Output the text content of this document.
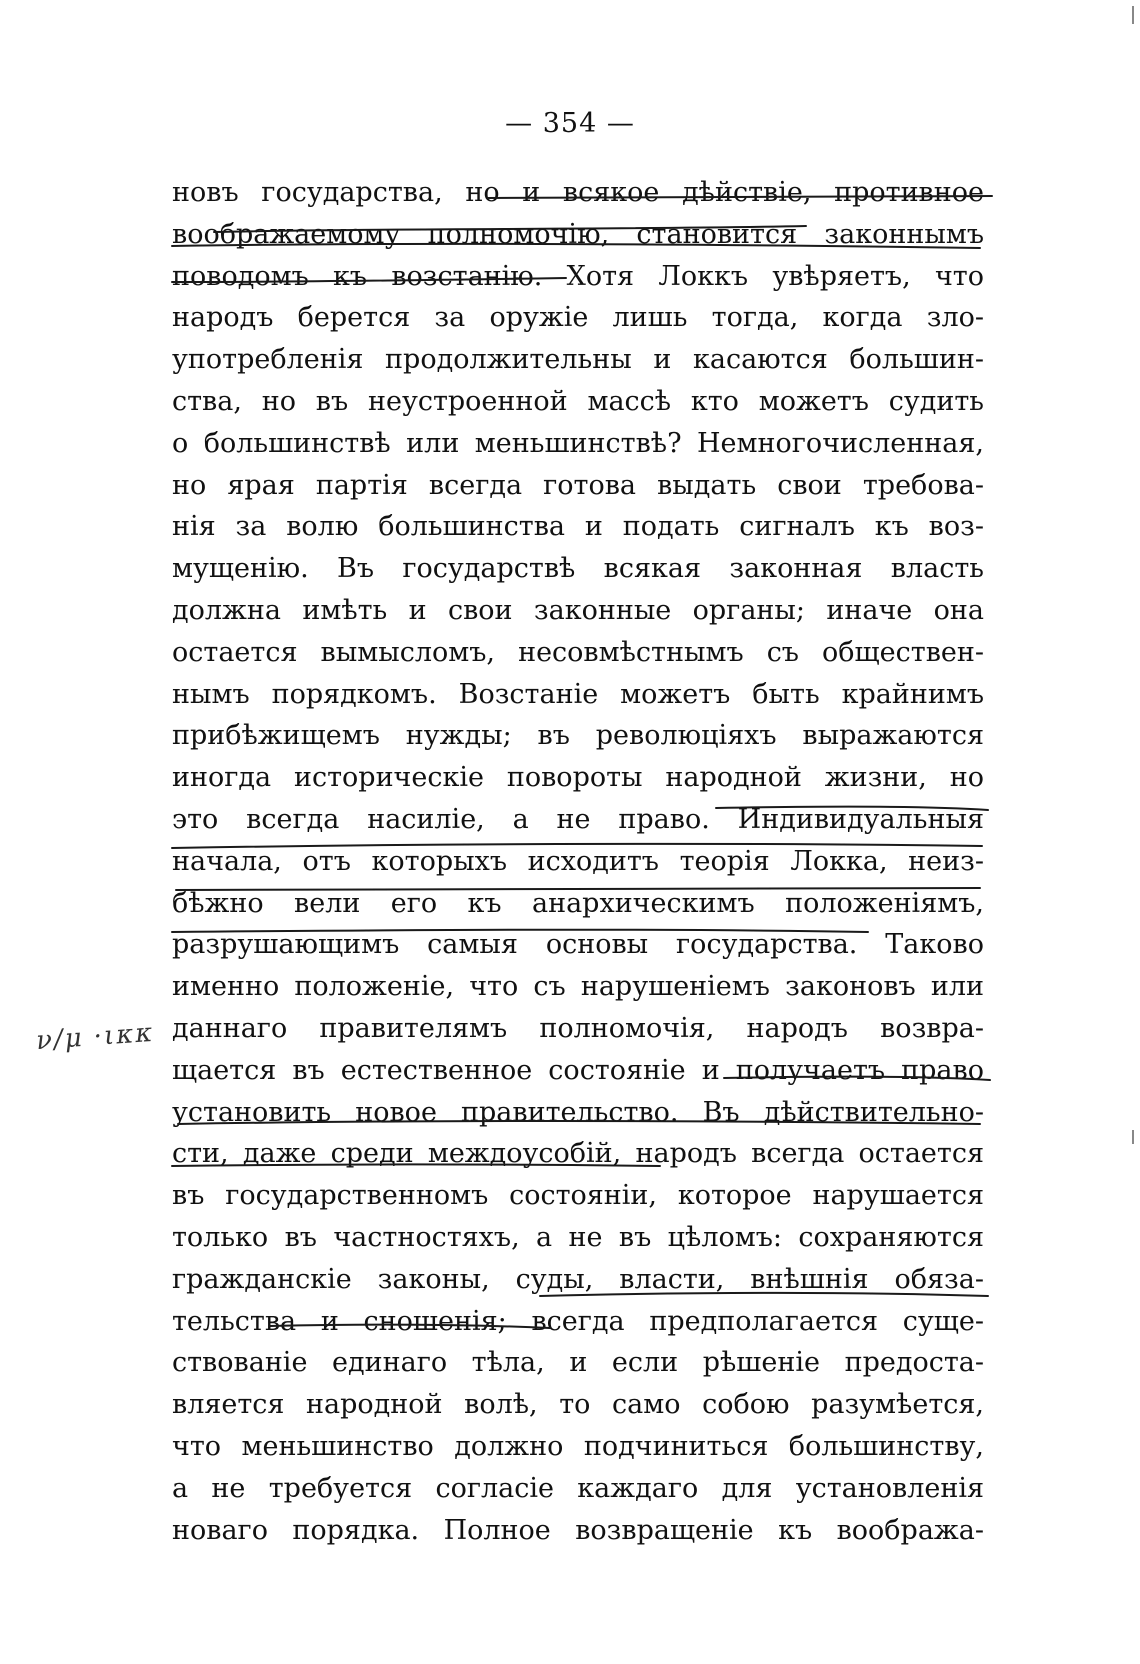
— 354 —
новъ государства, но и всякое дѣйствіе, противное
воображаемому полномочію, становится законнымъ
поводомъ къ возстанію. Хотя Локкъ увѣряетъ, что
народъ берется за оружіе лишь тогда, когда зло-
употребленія продолжительны и касаются большин-
ства, но въ неустроенной массѣ кто можетъ судить
о большинствѣ или меньшинствѣ? Немногочисленная,
но ярая партія всегда готова выдать свои требова-
нія за волю большинства и подать сигналъ къ воз-
мущенію. Въ государствѣ всякая законная власть
должна имѣть и свои законные органы; иначе она
остается вымысломъ, несовмѣстнымъ съ обществен-
нымъ порядкомъ. Возстаніе можетъ быть крайнимъ
прибѣжищемъ нужды; въ революціяхъ выражаются
иногда историческіе повороты народной жизни, но
это всегда насиліе, а не право. Индивидуальныя
начала, отъ которыхъ исходитъ теорія Локка, неиз-
бѣжно вели его къ анархическимъ положеніямъ,
разрушающимъ самыя основы государства. Таково
именно положеніе, что съ нарушеніемъ законовъ или
даннаго правителямъ полномочія, народъ возвра-
щается въ естественное состояніе и получаетъ право
установить новое правительство. Въ дѣйствительно-
сти, даже среди междоусобій, народъ всегда остается
въ государственномъ состояніи, которое нарушается
только въ частностяхъ, а не въ цѣломъ: сохраняются
гражданскіе законы, суды, власти, внѣшнія обяза-
тельства и сношенія; всегда предполагается суще-
ствованіе единаго тѣла, и если рѣшеніе предоста-
вляется народной волѣ, то само собою разумѣется,
что меньшинство должно подчиниться большинству,
а не требуется согласіе каждаго для установленія
новаго порядка. Полное возвращеніе къ вообража-
ν/μ ·ικκ
